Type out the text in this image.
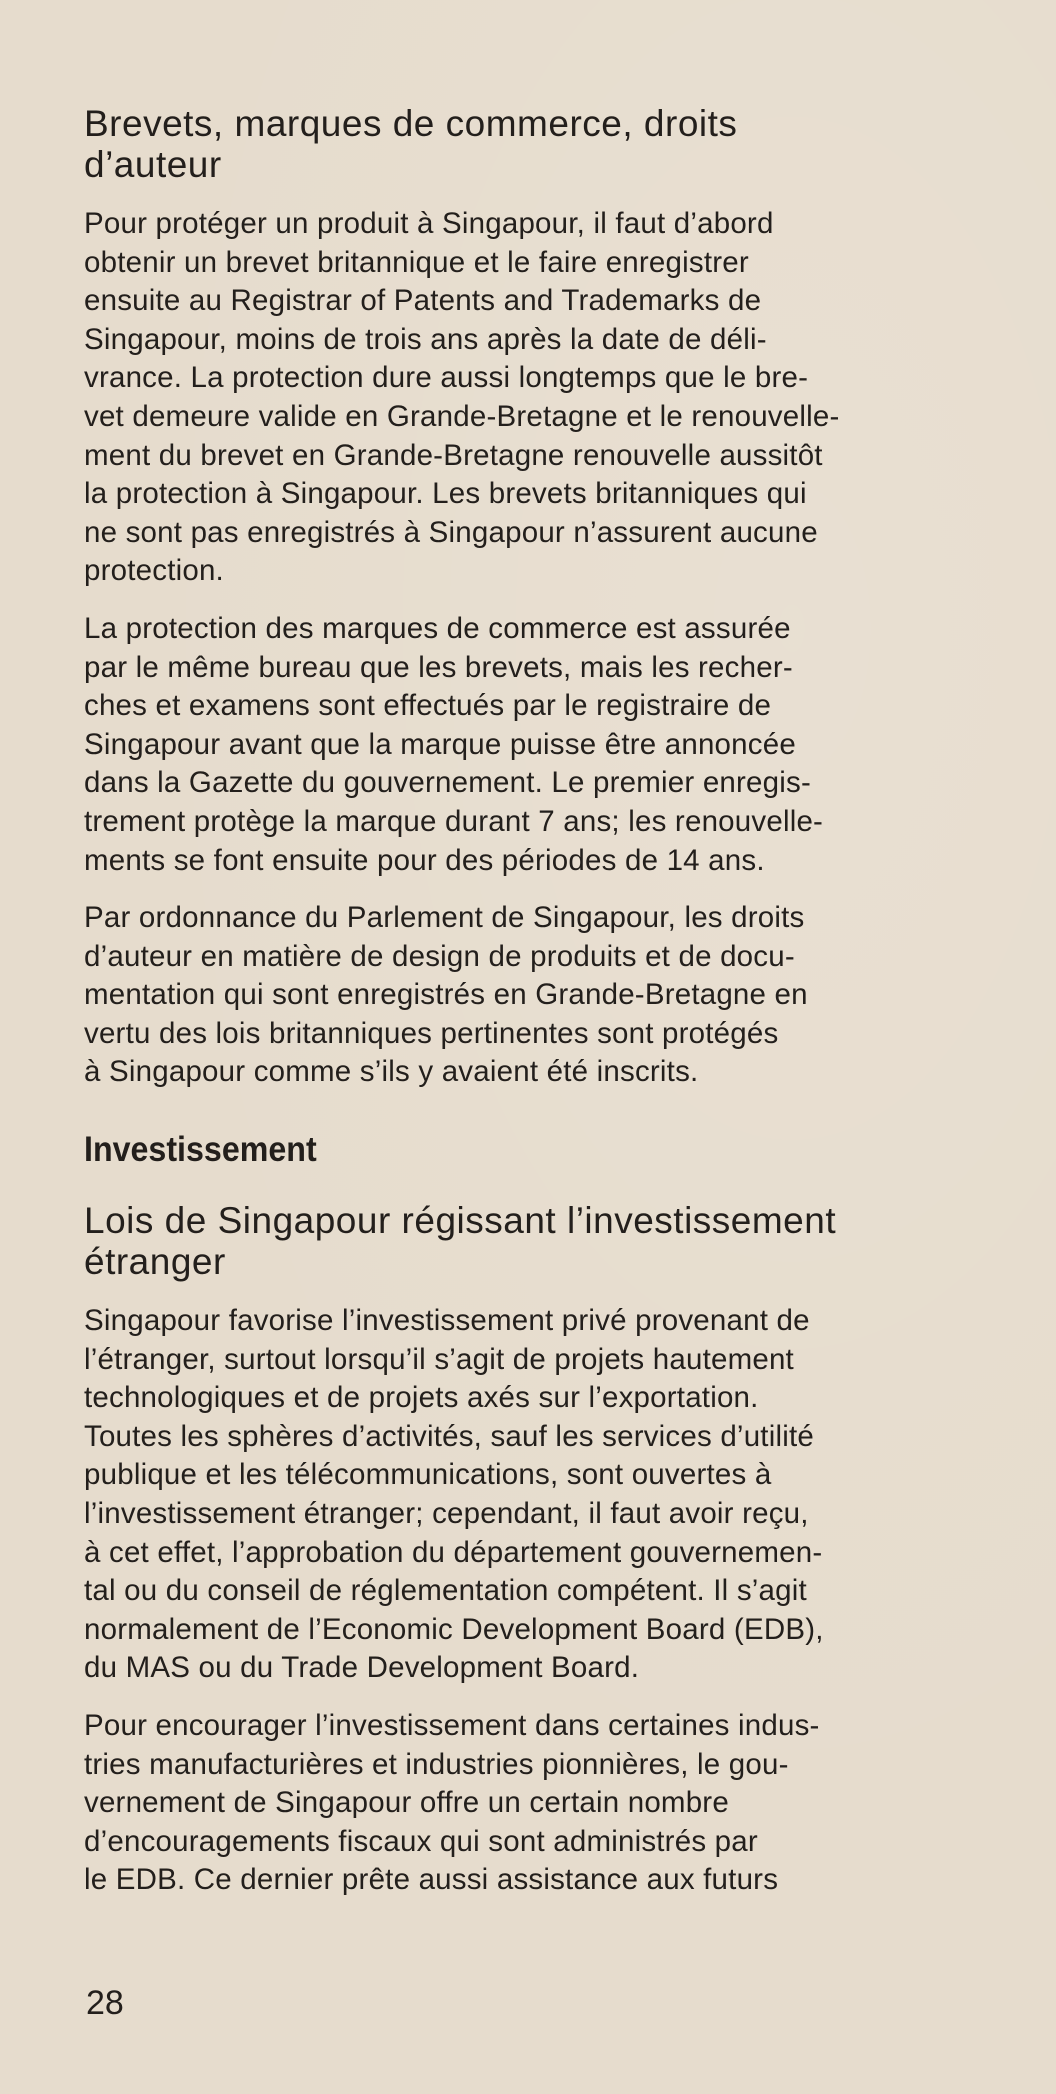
Brevets, marques de commerce, droits
d’auteur

Pour protéger un produit à Singapour, il faut d’abord
obtenir un brevet britannique et le faire enregistrer
ensuite au Registrar of Patents and Trademarks de
Singapour, moins de trois ans après la date de déli-
vrance. La protection dure aussi longtemps que le bre-
vet demeure valide en Grande-Bretagne et le renouvelle-
ment du brevet en Grande-Bretagne renouvelle aussitôt
la protection à Singapour. Les brevets britanniques qui
ne sont pas enregistrés à Singapour n’assurent aucune
protection.

La protection des marques de commerce est assurée
par le même bureau que les brevets, mais les recher-
ches et examens sont effectués par le registraire de
Singapour avant que la marque puisse être annoncée
dans la Gazette du gouvernement. Le premier enregis-
trement protège la marque durant 7 ans; les renouvelle-
ments se font ensuite pour des périodes de 14 ans.

Par ordonnance du Parlement de Singapour, les droits
d’auteur en matière de design de produits et de docu-
mentation qui sont enregistrés en Grande-Bretagne en
vertu des lois britanniques pertinentes sont protégés
à Singapour comme s’ils y avaient été inscrits.

Investissement
Lois de Singapour régissant l’investissement
étranger

Singapour favorise l’investissement privé provenant de
l’étranger, surtout lorsqu’il s’agit de projets hautement
technologiques et de projets axés sur l’exportation.
Toutes les sphères d’activités, sauf les services d’utilité
publique et les télécommunications, sont ouvertes à
l’investissement étranger; cependant, il faut avoir reçu,
à cet effet, l’approbation du département gouvernemen-
tal ou du conseil de réglementation compétent. Il s’agit
normalement de l’Economic Development Board (EDB),
du MAS ou du Trade Development Board.

Pour encourager l’investissement dans certaines indus-
tries manufacturières et industries pionnières, le gou-
vernement de Singapour offre un certain nombre
d’encouragements fiscaux qui sont administrés par
le EDB. Ce dernier prête aussi assistance aux futurs

28
